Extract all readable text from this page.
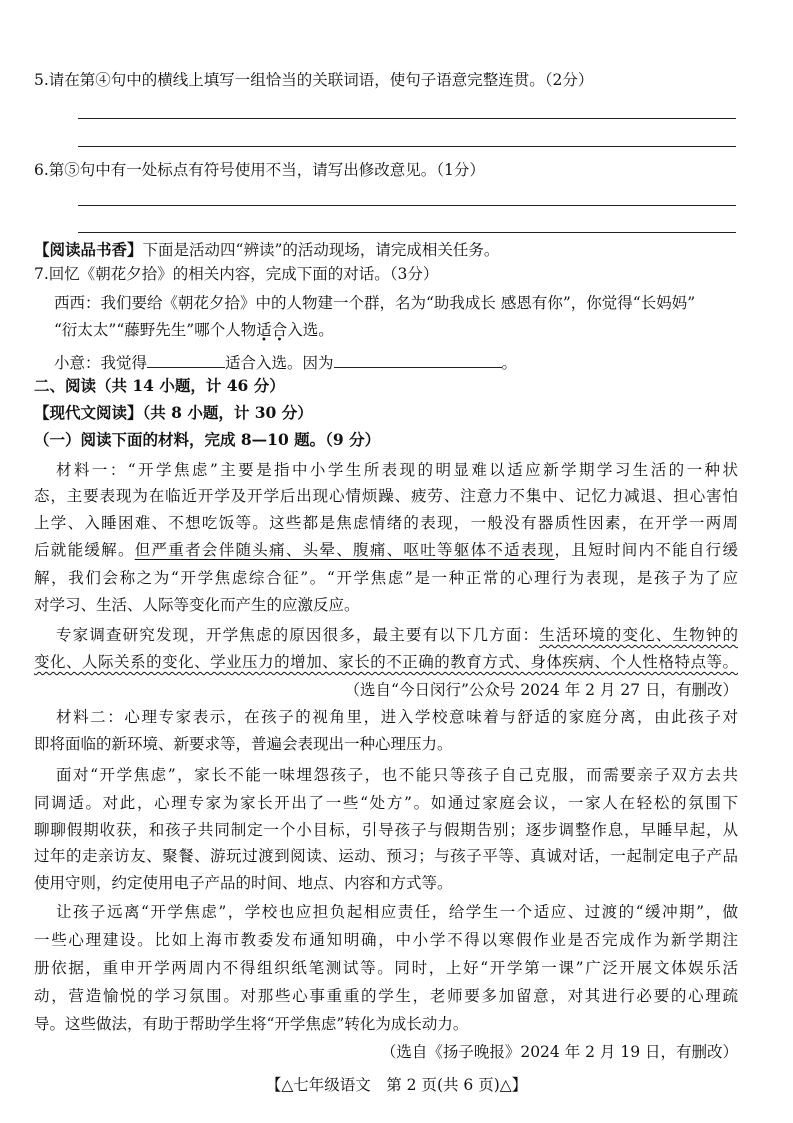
5.请在第④句中的横线上填写一组恰当的关联词语，使句子语意完整连贯。（2分）
6.第⑤句中有一处标点有符号使用不当，请写出修改意见。（1分）
【阅读品书香】下面是活动四“辨读”的活动现场，请完成相关任务。
7.回忆《朝花夕拾》的相关内容，完成下面的对话。（3分）
西西：我们要给《朝花夕拾》中的人物建一个群，名为“助我成长 感恩有你”，你觉得“长妈妈”
“衍太太”“藤野先生”哪个人物适合入选。
小意：我觉得	适合入选。因为	。
二、阅读（共 14 小题，计 46 分）
【现代文阅读】（共 8 小题，计 30 分）
（一）阅读下面的材料，完成 8—10 题。（9 分）
材料一：“开学焦虑”主要是指中小学生所表现的明显难以适应新学期学习生活的一种状
态，主要表现为在临近开学及开学后出现心情烦躁、疲劳、注意力不集中、记忆力减退、担心害怕
上学、入睡困难、不想吃饭等。这些都是焦虑情绪的表现，一般没有器质性因素，在开学一两周
后就能缓解。但严重者会伴随头痛、头晕、腹痛、呕吐等躯体不适表现，且短时间内不能自行缓
解，我们会称之为“开学焦虑综合征”。“开学焦虑”是一种正常的心理行为表现，是孩子为了应
对学习、生活、人际等变化而产生的应激反应。
专家调查研究发现，开学焦虑的原因很多，最主要有以下几方面：生活环境的变化、生物钟的
变化、人际关系的变化、学业压力的增加、家长的不正确的教育方式、身体疾病、个人性格特点等。
（选自“今日闵行”公众号 2024 年 2 月 27 日，有删改）
材料二：心理专家表示，在孩子的视角里，进入学校意味着与舒适的家庭分离，由此孩子对
即将面临的新环境、新要求等，普遍会表现出一种心理压力。
面对“开学焦虑”，家长不能一味埋怨孩子，也不能只等孩子自己克服，而需要亲子双方去共
同调适。对此，心理专家为家长开出了一些“处方”。如通过家庭会议，一家人在轻松的氛围下
聊聊假期收获，和孩子共同制定一个小目标，引导孩子与假期告别；逐步调整作息，早睡早起，从
过年的走亲访友、聚餐、游玩过渡到阅读、运动、预习；与孩子平等、真诚对话，一起制定电子产品
使用守则，约定使用电子产品的时间、地点、内容和方式等。
让孩子远离“开学焦虑”，学校也应担负起相应责任，给学生一个适应、过渡的“缓冲期”，做
一些心理建设。比如上海市教委发布通知明确，中小学不得以寒假作业是否完成作为新学期注
册依据，重申开学两周内不得组织纸笔测试等。同时，上好“开学第一课”广泛开展文体娱乐活
动，营造愉悦的学习氛围。对那些心事重重的学生，老师要多加留意，对其进行必要的心理疏
导。这些做法，有助于帮助学生将“开学焦虑”转化为成长动力。
（选自《扬子晚报》2024 年 2 月 19 日，有删改）
【△七年级语文　第 2 页(共 6 页)△】
